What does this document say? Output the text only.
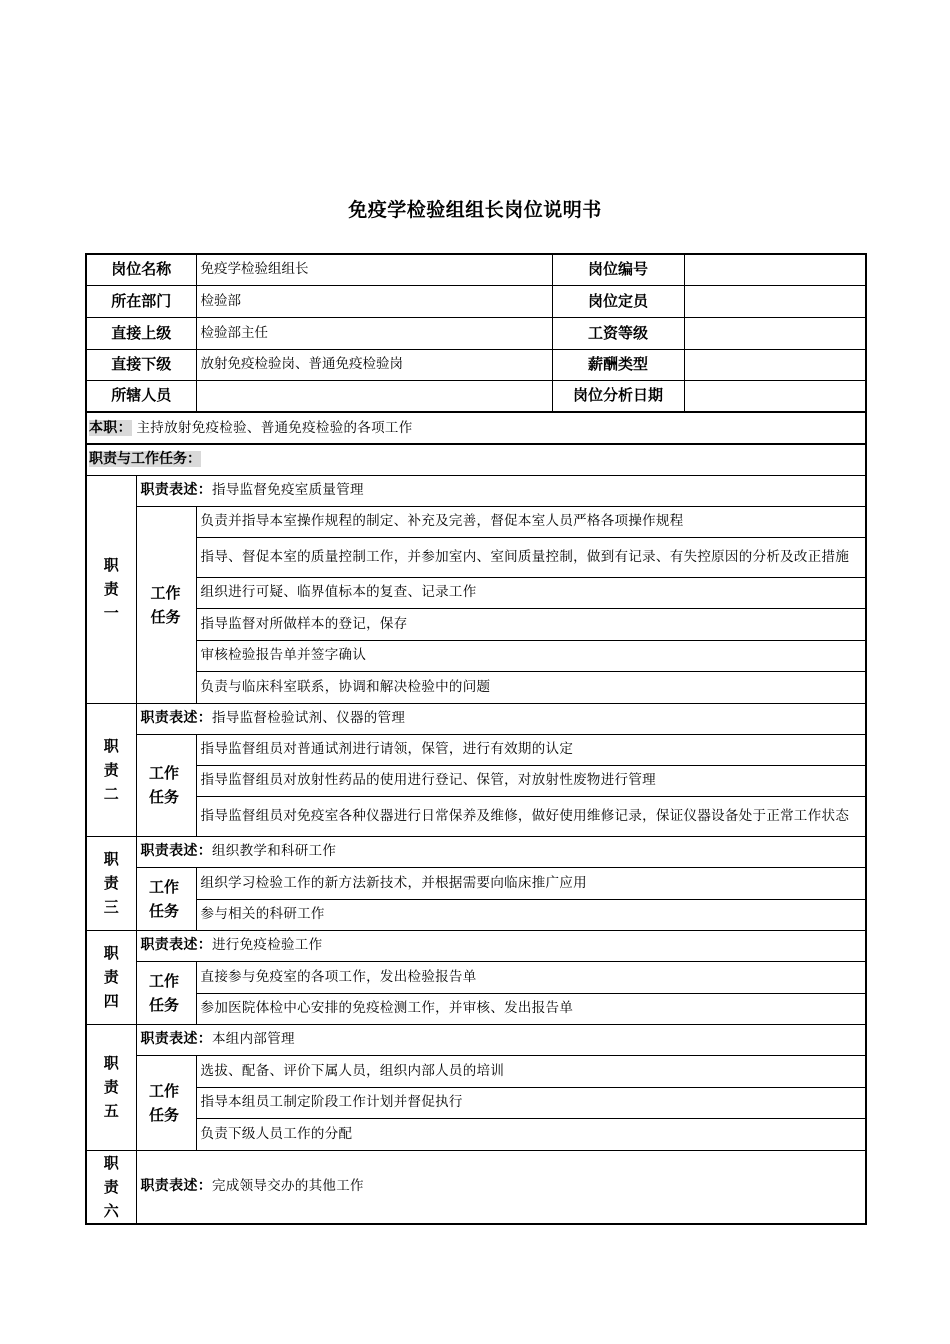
免疫学检验组组长岗位说明书
岗位名称		免疫学检验组组长	岗位编号	
所在部门		检验部	岗位定员	
直接上级		检验部主任	工资等级	
直接下级		放射免疫检验岗、普通免疫检验岗	薪酬类型	
所辖人员			岗位分析日期	
本职： 主持放射免疫检验、普通免疫检验的各项工作				
职责与工作任务：				
职
责
一	职责表述：指导监督免疫室质量管理			
	工作
任务	负责并指导本室操作规程的制定、补充及完善，督促本室人员严格各项操作规程		
		指导、督促本室的质量控制工作，并参加室内、室间质量控制，做到有记录、有失控原因的分析及改正措施		
		组织进行可疑、临界值标本的复查、记录工作		
		指导监督对所做样本的登记，保存		
		审核检验报告单并签字确认		
		负责与临床科室联系，协调和解决检验中的问题		
职
责
二	职责表述：指导监督检验试剂、仪器的管理			
	工作
任务	指导监督组员对普通试剂进行请领，保管，进行有效期的认定		
		指导监督组员对放射性药品的使用进行登记、保管，对放射性废物进行管理		
		指导监督组员对免疫室各种仪器进行日常保养及维修，做好使用维修记录，保证仪器设备处于正常工作状态		
职
责
三	职责表述：组织教学和科研工作			
	工作
任务	组织学习检验工作的新方法新技术，并根据需要向临床推广应用		
		参与相关的科研工作		
职
责
四	职责表述：进行免疫检验工作			
	工作
任务	直接参与免疫室的各项工作，发出检验报告单		
		参加医院体检中心安排的免疫检测工作，并审核、发出报告单		
职
责
五	职责表述：本组内部管理			
	工作
任务	选拔、配备、评价下属人员，组织内部人员的培训		
		指导本组员工制定阶段工作计划并督促执行		
		负责下级人员工作的分配		
职
责
六	职责表述：完成领导交办的其他工作			
